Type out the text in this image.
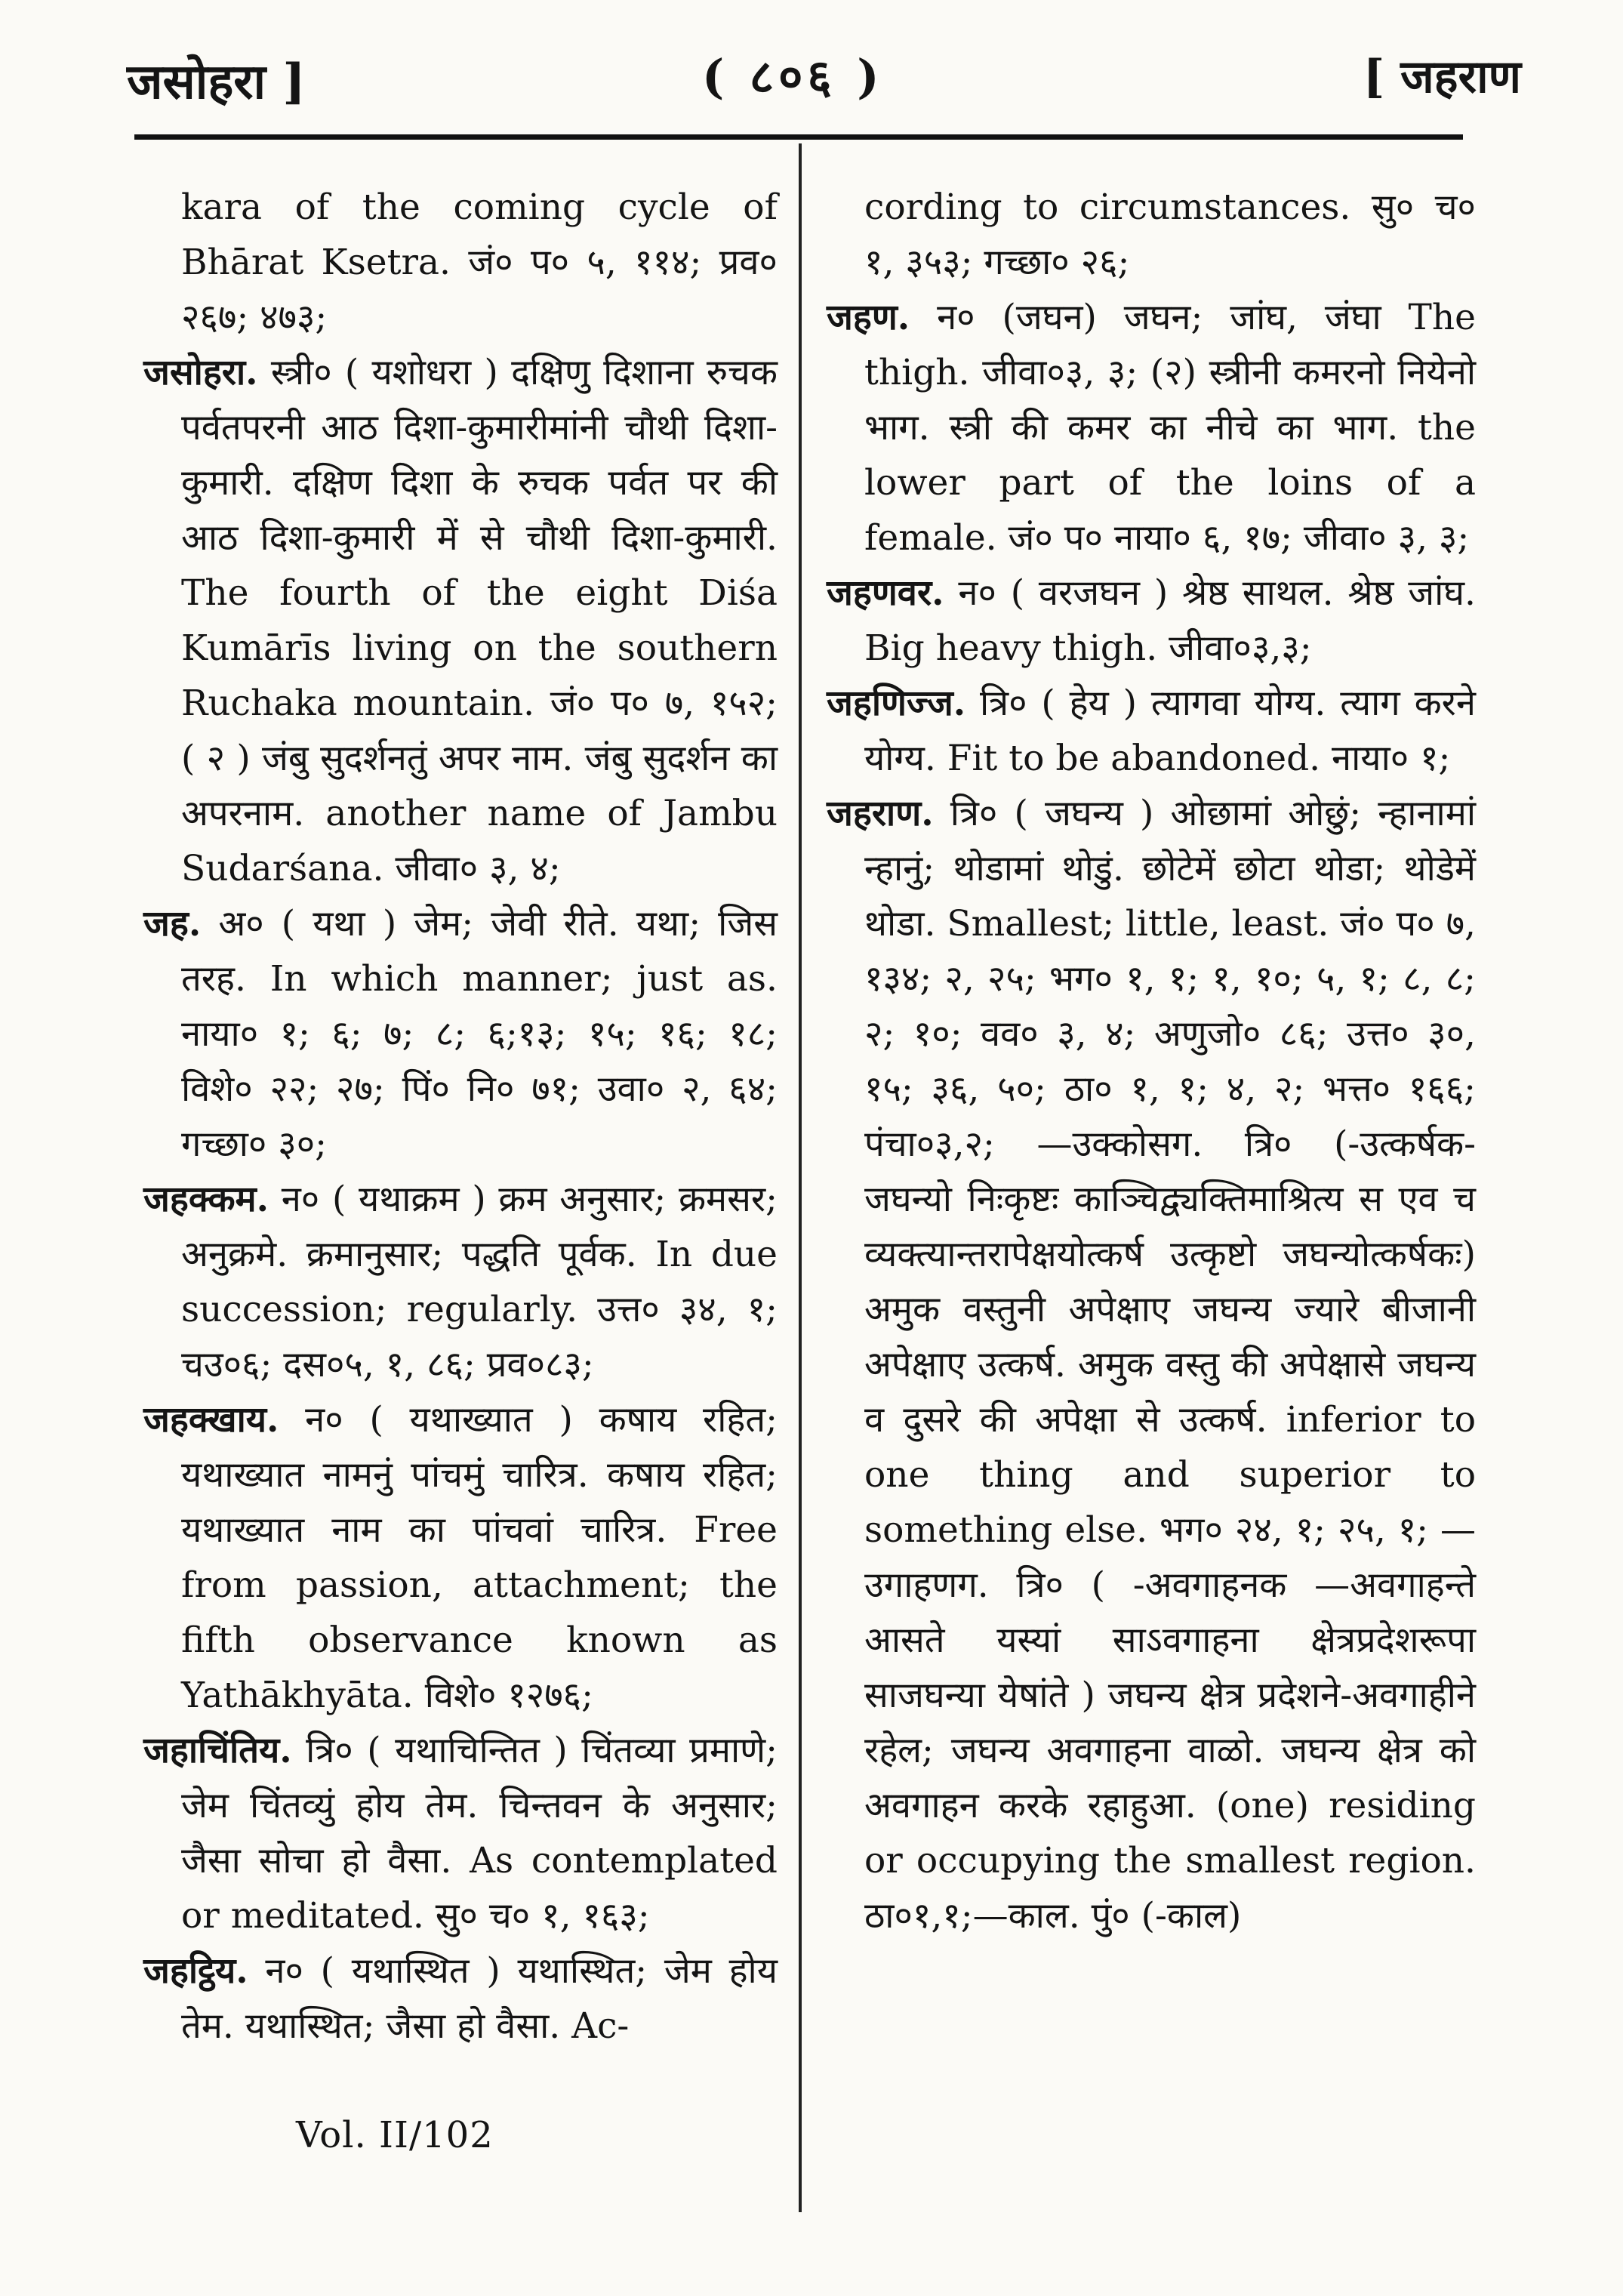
जसोहरा ]	( ८०६ )	[ जहराण

kara of the coming cycle of Bhārat Ksetra. जं० प० ५, ११४; प्रव० २६७; ४७३;

जसोहरा. स्त्री० ( यशोधरा ) दक्षिणु दिशाना रुचक पर्वतपरनी आठ दिशा-कुमारीमांनी चौथी दिशा-कुमारी. दक्षिण दिशा के रुचक पर्वत पर की आठ दिशा-कुमारी में से चौथी दिशा-कुमारी. The fourth of the eight Diśa Kumārīs living on the southern Ruchaka mountain. जं० प० ७, १५२; ( २ ) जंबु सुदर्शनतुं अपर नाम. जंबु सुदर्शन का अपरनाम. another name of Jambu Sudarśana. जीवा० ३, ४;

जह. अ० ( यथा ) जेम; जेवी रीते. यथा; जिस तरह. In which manner; just as. नाया० १; ६; ७; ८; ६;१३; १५; १६; १८; विशे० २२; २७; पिं० नि० ७१; उवा० २, ६४; गच्छा० ३०;

जहक्कम. न० ( यथाक्रम ) क्रम अनुसार; क्रमसर; अनुक्रमे. क्रमानुसार; पद्धति पूर्वक. In due succession; regularly. उत्त० ३४, १; चउ०६; दस०५, १, ८६; प्रव०८३;

जहक्खाय. न० ( यथाख्यात ) कषाय रहित; यथाख्यात नामनुं पांचमुं चारित्र. कषाय रहित; यथाख्यात नाम का पांचवां चारित्र. Free from passion, attachment; the fifth observance known as Yathākhyāta. विशे० १२७६;

जहाचिंतिय. त्रि० ( यथाचिन्तित ) चिंतव्या प्रमाणे; जेम चिंतव्युं होय तेम. चिन्तवन के अनुसार; जैसा सोचा हो वैसा. As contemplated or meditated. सु० च० १, १६३;

जहट्ठिय. न० ( यथास्थित ) यथास्थित; जेम होय तेम. यथास्थित; जैसा हो वैसा. Ac-

cording to circumstances. सु० च० १, ३५३; गच्छा० २६;

जहण. न० (जघन) जघन; जांघ, जंघा The thigh. जीवा०३, ३; (२) स्त्रीनी कमरनो नियेनो भाग. स्त्री की कमर का नीचे का भाग. the lower part of the loins of a female. जं० प० नाया० ६, १७; जीवा० ३, ३;

जहणवर. न० ( वरजघन ) श्रेष्ठ साथल. श्रेष्ठ जांघ. Big heavy thigh. जीवा०३,३;

जहणिज्ज. त्रि० ( हेय ) त्यागवा योग्य. त्याग करने योग्य. Fit to be abandoned. नाया० १;

जहराण. त्रि० ( जघन्य ) ओछामां ओछुं; न्हानामां न्हानुं; थोडामां थोडुं. छोटेमें छोटा थोडा; थोडेमें थोडा. Smallest; little, least. जं० प० ७, १३४; २, २५; भग० १, १; १, १०; ५, १; ८, ८; २; १०; वव० ३, ४; अणुजो० ८६; उत्त० ३०, १५; ३६, ५०; ठा० १, १; ४, २; भत्त० १६६; पंचा०३,२; —उक्कोसग. त्रि० (-उत्कर्षक- जघन्यो निःकृष्टः काञ्चिद्व्यक्तिमाश्रित्य स एव च व्यक्त्यान्तरापेक्षयोत्कर्ष उत्कृष्टो जघन्योत्कर्षकः) अमुक वस्तुनी अपेक्षाए जघन्य ज्यारे बीजानी अपेक्षाए उत्कर्ष. अमुक वस्तु की अपेक्षासे जघन्य व दुसरे की अपेक्षा से उत्कर्ष. inferior to one thing and superior to something else. भग० २४, १; २५, १; —उगाहणग. त्रि० ( -अवगाहनक —अवगाहन्ते आसते यस्यां साऽवगाहना क्षेत्रप्रदेशरूपा साजघन्या येषांते ) जघन्य क्षेत्र प्रदेशने-अवगाहीने रहेल; जघन्य अवगाहना वाळो. जघन्य क्षेत्र को अवगाहन करके रहाहुआ. (one) residing or occupying the smallest region. ठा०१,१;—काल. पुं० (-काल)

Vol. II/102
